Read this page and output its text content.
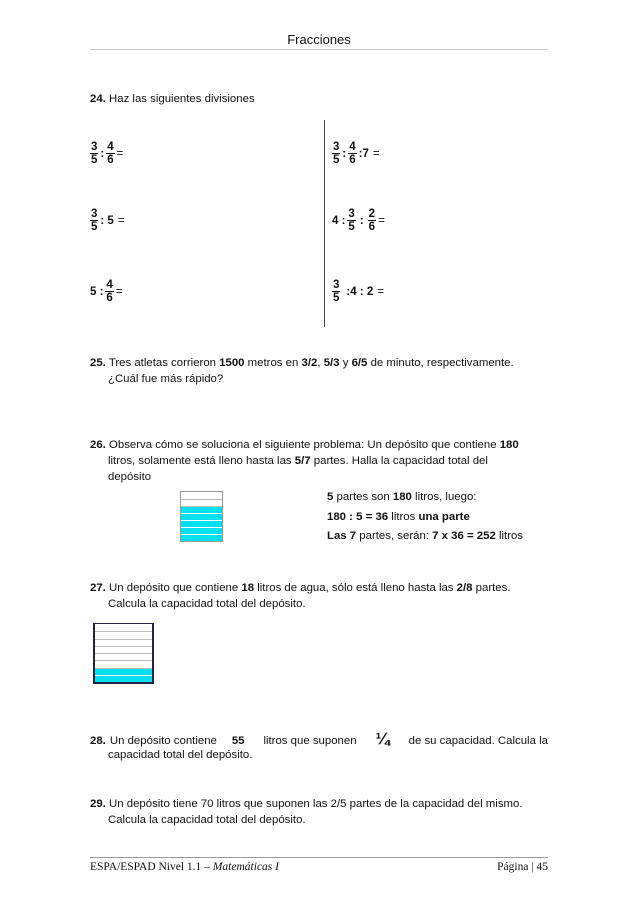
Fracciones
24. Haz las siguientes divisiones
$\frac{3}{5}$ : $\frac{4}{6}$ =	$\frac{3}{5}$ : $\frac{4}{6}$ :7 =
$\frac{3}{5}$ : 5 =	4 : $\frac{3}{5}$ : $\frac{2}{6}$ =
5 : $\frac{4}{6}$ =	$\frac{3}{5}$ :4 : 2 =
25. Tres atletas corrieron 1500 metros en 3/2, 5/3 y 6/5 de minuto, respectivamente.
¿Cuál fue más rápido?
26. Observa cómo se soluciona el siguiente problema: Un depósito que contiene 180
litros, solamente está lleno hasta las 5/7 partes. Halla la capacidad total del
depósito
5 partes son 180 litros, luego:
180 : 5 = 36 litros una parte
Las 7 partes, serán: 7 x 36 = 252 litros
27. Un depósito que contiene 18 litros de agua, sólo está lleno hasta las 2/8 partes.
Calcula la capacidad total del depósito.
28. Un depósito contiene 55 litros que suponen ¼ de su capacidad. Calcula la
capacidad total del depósito.
29. Un depósito tiene 70 litros que suponen las 2/5 partes de la capacidad del mismo.
Calcula la capacidad total del depósito.
ESPA/ESPAD Nivel 1.1 – Matemáticas I	Página | 45
